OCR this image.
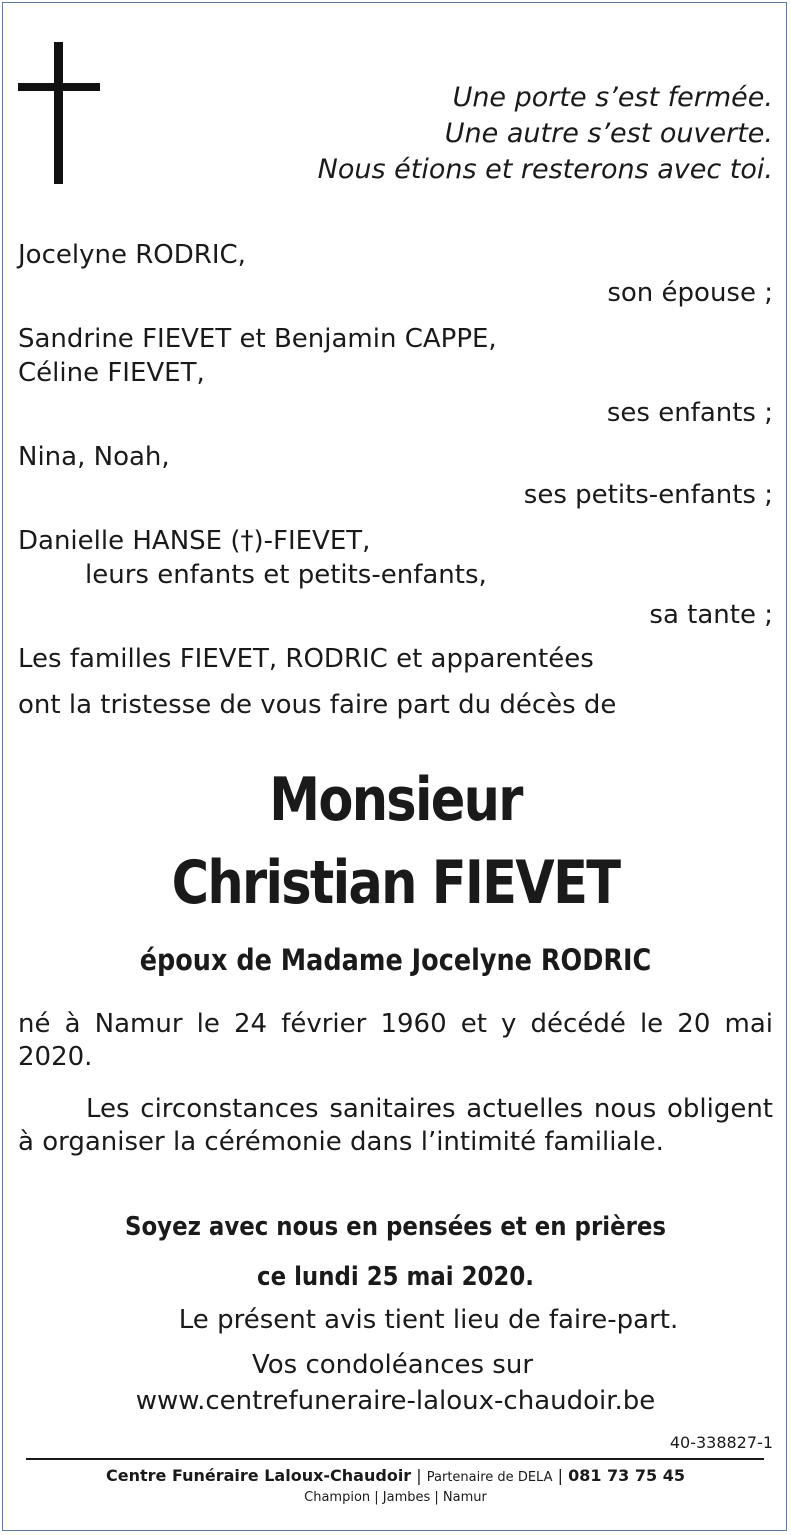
Une porte s’est fermée.
Une autre s’est ouverte.
Nous étions et resterons avec toi.
Jocelyne RODRIC,
son épouse ;
Sandrine FIEVET et Benjamin CAPPE,
Céline FIEVET,
ses enfants ;
Nina, Noah,
ses petits-enfants ;
Danielle HANSE (†)-FIEVET,
leurs enfants et petits-enfants,
sa tante ;
Les familles FIEVET, RODRIC et apparentées
ont la tristesse de vous faire part du décès de
Monsieur
Christian FIEVET
époux de Madame Jocelyne RODRIC
né à Namur le 24 février 1960 et y décédé le 20 mai 2020.
Les circonstances sanitaires actuelles nous obligent à organiser la cérémonie dans l’intimité familiale.
Soyez avec nous en pensées et en prières
ce lundi 25 mai 2020.
Le présent avis tient lieu de faire-part.
Vos condoléances sur
www.centrefuneraire-laloux-chaudoir.be
40-338827-1
Centre Funéraire Laloux-Chaudoir | Partenaire de DELA | 081 73 75 45
Champion | Jambes | Namur
